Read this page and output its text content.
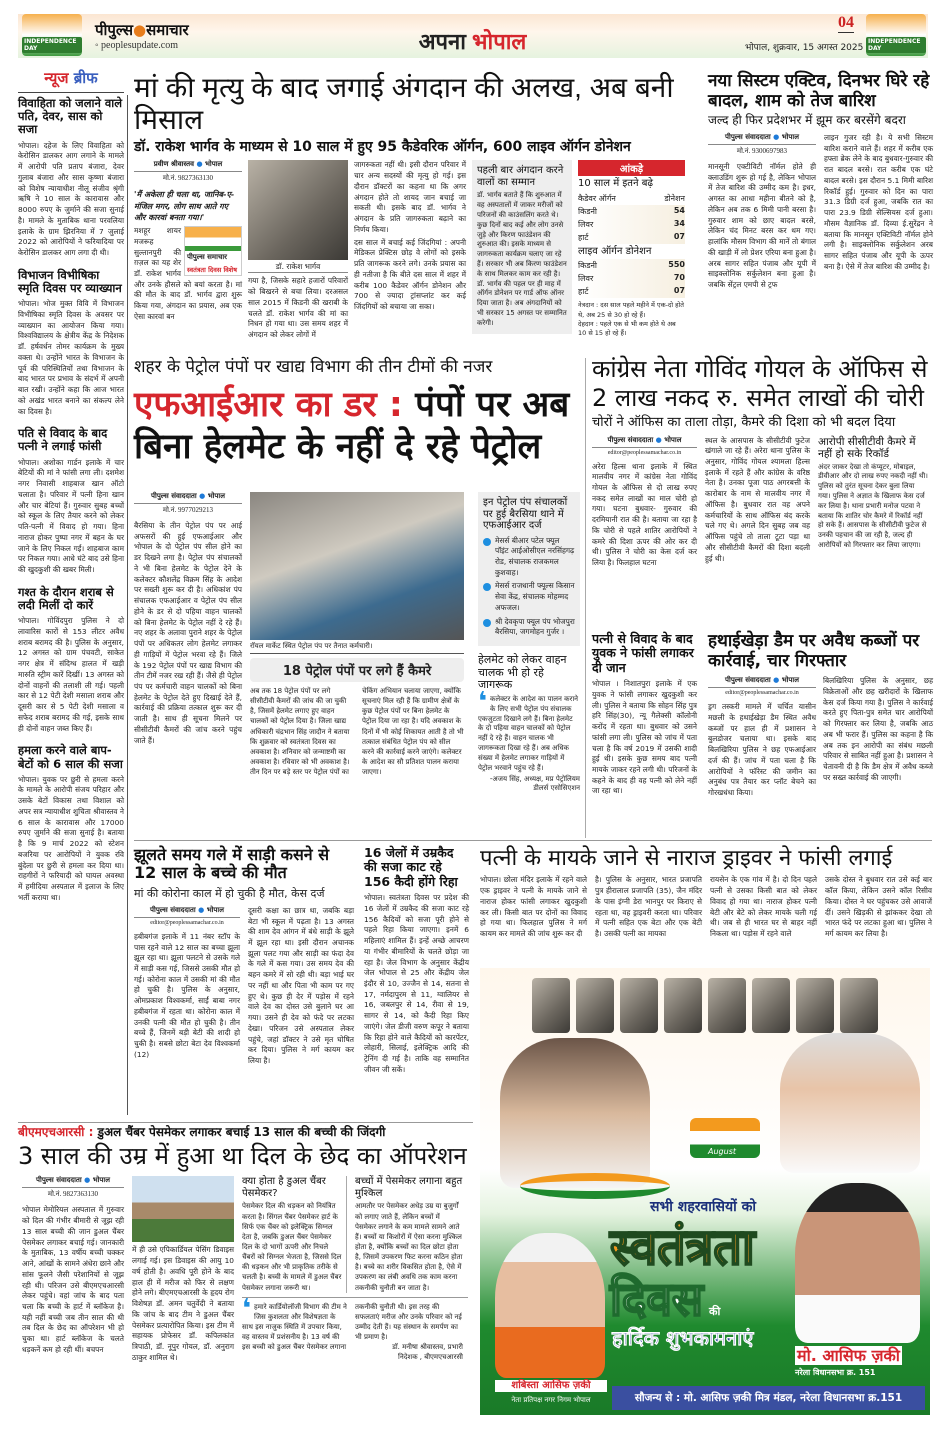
INDEPENDENCE DAY
INDEPENDENCE DAY
पीपुल्स●समाचार
◦ peoplesupdate.com	अपना भोपाल
04
भोपाल, शुक्रवार, 15 अगस्त 2025
न्यूज ब्रीफ
विवाहिता को जलाने वाले पति, देवर, सास को सजा
भोपाल। दहेज के लिए विवाहिता को केरोसिन डालकर आग लगाने के मामले में आरोपी पति प्रताप बंजारा, देवर गुलाब बंजारा और सास कृष्णा बंजारा को विशेष न्यायाधीश नीलू संजीव श्रृंगी ऋषि ने 10 साल के कारावास और 8000 रुपए के जुर्माने की सजा सुनाई है। मामले के मुताबिक थाना परवलिया इलाके के ग्राम झिरनिया में 7 जुलाई 2022 को आरोपियों ने फरियादिया पर केरोसिन डालकर आग लगा दी थी।
विभाजन विभीषिका स्मृति दिवस पर व्याख्यान
भोपाल। भोज मुक्त विवि में विभाजन विभीषिका स्मृति दिवस के अवसर पर व्याख्यान का आयोजन किया गया। विश्वविद्यालय के क्षेत्रीय केंद्र के निदेशक डॉ. हर्षवर्धन तोमर कार्यक्रम के मुख्य वक्ता थे। उन्होंने भारत के विभाजन के पूर्व की परिस्थितियों तथा विभाजन के बाद भारत पर प्रभाव के संदर्भ में अपनी बात रखी। उन्होंने कहा कि आज भारत को अखंड भारत बनाने का संकल्प लेने का दिवस है।
पति से विवाद के बाद पत्नी ने लगाई फांसी
भोपाल। अशोका गार्डन इलाके में चार बेटियों की मां ने फांसी लगा ली। दशमेश नगर निवासी शाहबाज खान ऑटो चलाता है। परिवार में पत्नी हिना खान और चार बेटियां हैं। गुरुवार सुबह बच्चों को स्कूल के लिए तैयार करने को लेकर पति-पत्नी में विवाद हो गया। हिना नाराज होकर पुष्पा नगर में बहन के घर जाने के लिए निकल गईं। शाहबाज काम पर निकल गया। आधे घंटे बाद उसे हिना की खुदकुशी की खबर मिली।
गश्त के दौरान शराब से लदी मिलीं दो कारें
भोपाल। गोविंदपुरा पुलिस ने दो लावारिस कारों से 153 लीटर अवैध शराब बरामद की है। पुलिस के अनुसार, 12 अगस्त को ग्राम पंचवटी, साकेत नगर क्षेत्र में संदिग्ध हालत में खड़ी मारुति स्ट्रीम कारें दिखीं। 13 अगस्त को दोनों वाहनों की तलाशी ली गई। पहली कार से 12 पेटी देशी मसाला शराब और दूसरी कार से 5 पेटी देशी मसाला व सफेद शराब बरामद की गई, इसके साथ ही दोनों वाहन जब्त किए हैं।
हमला करने वाले बाप-बेटों को 6 साल की सजा
भोपाल। युवक पर छुरी से हमला करने के मामले के आरोपी संजय परिहार और उसके बेटों विकास तथा विशाल को अपर सत्र न्यायाधीश शुचिता श्रीवास्तव ने 6 साल के कारावास और 17000 रुपए जुर्माने की सजा सुनाई है। बताया है कि 9 मार्च 2022 को स्टेशन बजरिया पर आरोपियों ने युवक रवि बुंदेला पर छुरी से हमला कर दिया था। राहगीरों ने फरियादी को घायल अवस्था में हमीदिया अस्पताल में इलाज के लिए भर्ती कराया था।
मां की मृत्यु के बाद जगाई अंगदान की अलख, अब बनी मिसाल
डॉ. राकेश भार्गव के माध्यम से 10 साल में हुए 95 कैडेवरिक ऑर्गन, 600 लाइव ऑर्गन डोनेशन
प्रवीण श्रीवास्तव ● भोपाल
मो.नं. 9827363130
'मैं अकेला ही चला था, जानिब-ए-मंजिल मगर, लोग साथ आते गए और कारवां बनता गया।'
पीपुल्स समाचार
स्वतंत्रता दिवस विशेष
मशहूर शायर मजरूह सुल्तानपुरी की ग़ज़ल का यह शेर डॉ. राकेश भार्गव और उनके हौसले को बयां करता है। मां की मौत के बाद डॉ. भार्गव द्वारा शुरू किया गया, अंगदान का प्रयास, अब एक ऐसा कारवां बन
डॉ. राकेश भार्गव
गया है, जिसके सहारे हजारों परिवारों को बिखरने से बचा लिया। दरअसल साल 2015 में किडनी की खराबी के चलते डॉ. राकेश भार्गव की मां का निधन हो गया था। उस समय शहर में अंगदान को लेकर लोगों में

जागरुकता नहीं थी। इसी दौरान परिवार में चार अन्य सदस्यों की मृत्यु हो गई। इस दौरान डॉक्टरों का कहना था कि अगर अंगदान होते तो शायद जान बचाई जा सकती थी। इसके बाद डॉ. भार्गव ने अंगदान के प्रति जागरुकता बढ़ाने का निर्णय किया।

दस साल में बचाई कई जिंदगियां : अपनी मेडिकल प्रेक्टिस छोड़ वे लोगों को इसके प्रति जागरूक करने लगे। उनके प्रयास का ही नतीजा है कि बीते दस साल में शहर में करीब 100 कैडेवर ऑर्गन डोनेशन और 700 से ज्यादा ट्रांसप्लांट कर कई जिंदगियों को बचाया जा सका।

पहली बार अंगदान करने वालों का सम्मान
डॉ. भार्गव बताते हैं कि शुरुआत में वह अस्पतालों में जाकर मरीजों को परिजनों की काउंसलिंग करते थे। कुछ दिनों बाद कई और लोग उनसे जुड़े और किरण फाउंडेशन की शुरुआत की। इसके माध्यम से जागरुकता कार्यक्रम चलाए जा रहे हैं। सरकार भी अब किरण फाउंडेशन के साथ मिलकर काम कर रही है। डॉ. भार्गव की पहल पर ही माह में ऑर्गन डोनेशन पर गार्ड ऑफ ऑनर दिया जाता है। अब अंगदानियों को भी सरकार 15 अगस्त पर सम्मानित करेगी।
आंकड़े
10 साल में इतने बढ़े
कैडेवर ऑर्गन	डोनेशन
किडनी	54
लिवर	34
हार्ट	07
लाइव ऑर्गन डोनेशन
किडनी	550
लिवर	70
हार्ट	07
नेत्रदान : दस साल पहले महीने में एक-दो होते थे, अब 25 से 30 हो रहे हैं।
देहदान : पहले एक से भी कम होते थे अब 10 से 15 हो रहे हैं।
नया सिस्टम एक्टिव, दिनभर घिरे रहे बादल, शाम को तेज बारिश
जल्द ही फिर प्रदेशभर में झूम कर बरसेंगे बदरा
पीपुल्स संवाददाता ● भोपाल
मो.नं. 9300697983
मानसूनी एक्टीविटी नॉर्मल होते ही क्लाउडिंग शुरू हो गई है, लेकिन भोपाल में तेज बारिश की उम्मीद कम है। इधर, अगस्त का आधा महीना बीतने को है, लेकिन अब तक 6 मिमी पानी बरसा है। गुरुवार शाम को छाए बादल बरसे, लेकिन चंद मिनट बरस कर थम गए। हालांकि मौसम विभाग की मानें तो बंगाल की खाड़ी में लो प्रेशर एरिया बना हुआ है। अरब सागर सहित पंजाब और यूपी में साइक्लोनिक सर्कुलेशन बना हुआ है। जबकि सेंट्रल एमपी से ट्रफ
लाइन गुजर रही है। ये सभी सिस्टम बारिश कराने वाले हैं। शहर में करीब एक हफ्ता ब्रेक लेने के बाद बुधवार-गुरुवार की रात बादल बरसे। रात करीब एक घंटे बादल बरसे। इस दौरान 5.1 मिमी बारिश रिकॉर्ड हुई। गुरुवार को दिन का पारा 31.3 डिग्री दर्ज हुआ, जबकि रात का पारा 23.9 डिग्री सेल्सियस दर्ज हुआ। मौसम वैज्ञानिक डॉ. दिव्या ई.सुरेंद्रन ने बताया कि मानसून एक्टिविटी नॉर्मल होने लगी है। साइक्लोनिक सर्कुलेशन अरब सागर सहित पंजाब और यूपी के ऊपर बना है। ऐसे में तेज बारिश की उम्मीद है।
शहर के पेट्रोल पंपों पर खाद्य विभाग की तीन टीमों की नजर
एफआईआर का डर : पंपों पर अब बिना हेलमेट के नहीं दे रहे पेट्रोल
पीपुल्स संवाददाता ● भोपाल
मो.नं. 9977029213
बैरसिया के तीन पेट्रोल पंप पर आई अफसरों की हुई एफआईआर और भोपाल के दो पेट्रोल पंप सील होने का डर दिखने लगा है। पेट्रोल पंप संचालकों ने भी बिना हेलमेट के पेट्रोल देने के कलेक्टर कौशलेंद्र विक्रम सिंह के आदेश पर सख्ती शुरू कर दी है। अधिकांश पंप संचालक एफआईआर व पेट्रोल पंप सील होने के डर से दो पहिया वाहन चालकों को बिना हेलमेट के पेट्रोल नहीं दे रहे हैं। नए शहर के अलावा पुराने शहर के पेट्रोल पंपों पर अधिकतर लोग हेलमेट लगाकर ही गाड़ियों में पेट्रोल भरवा रहे हैं। जिले के 192 पेट्रोल पंपों पर खाद्य विभाग की तीन टीमें नजर रख रही हैं। जैसे ही पेट्रोल पंप पर कर्मचारी वाहन चालकों को बिना हेलमेट के पेट्रोल देते हुए दिखाई देते हैं, कार्रवाई की प्रक्रिया तत्काल शुरू कर दी जाती है। साथ ही सूचना मिलने पर सीसीटीवी कैमरों की जांच करने पहुंच जाते हैं।
रॉयल मार्केट स्थित पेट्रोल पंप पर तैनात कर्मचारी।
18 पेट्रोल पंपों पर लगे हैं कैमरे
अब तक 18 पेट्रोल पंपों पर लगे सीसीटीवी कैमरों की जांच की जा चुकी है, जिसमें हेलमेट लगाए हुए वाहन चालकों को पेट्रोल दिया है। जिला खाद्य अधिकारी चंद्रभान सिंह जादौन ने बताया कि शुक्रवार को स्वतंत्रता दिवस का अवकाश है। शनिवार को जन्माष्टमी का अवकाश है। रविवार को भी अवकाश है। तीन दिन पर बड़े स्तर पर पेट्रोल पंपों का
चेकिंग अभियान चलाया जाएगा, क्योंकि सूचनाएं मिल रही हैं कि ग्रामीण क्षेत्रों के कुछ पेट्रोल पंपों पर बिना हेलमेट के पेट्रोल दिया जा रहा है। यदि अवकाश के दिनों में भी कोई शिकायत आती है तो भी तत्काल संबंधित पेट्रोल पंप को सील करने की कार्रवाई करने जाएंगे। कलेक्टर के आदेश का सौ प्रतिशत पालन कराया जाएगा।
इन पेट्रोल पंप संचालकों पर हुई बैरसिया थाने में एफआईआर दर्ज
मेसर्स बीआर पटेल फ्यूल पॉइंट आईओसीएल नरसिंहगढ़ रोड, संचालक राजकमल कुशवाह।
मेसर्स राजधानी फ्यूल्स किसान सेवा केंद्र, संचालक मोहम्मद अफजल।
श्री देवकृपा फ्यूल पंप भोजपुरा बैरसिया, जगमोहन गुर्जर ।
हेलमेट को लेकर वाहन चालक भी हो रहे जागरूक
❛ कलेक्टर के आदेश का पालन कराने के लिए सभी पेट्रोल पंप संचालक एकजुटता दिखाने लगे हैं। बिना हेलमेट के दो पहिया वाहन चालकों को पेट्रोल नहीं दे रहे हैं। वाहन चालक भी जागरूकता दिखा रहे हैं। अब अधिक संख्या में हेलमेट लगाकर गाड़ियों में पेट्रोल भरवाने पहुंच रहे हैं।
-अजय सिंह, अध्यक्ष, मप्र पेट्रोलियम डीलर्स एसोसिएशन
कांग्रेस नेता गोविंद गोयल के ऑफिस से 2 लाख नकद रु. समेत लाखों की चोरी
चोरों ने ऑफिस का ताला तोड़ा, कैमरे की दिशा को भी बदल दिया
पीपुल्स संवाददाता ● भोपाल
editor@peoplessamachar.co.in
अरेरा हिल्स थाना इलाके में स्थित मालवीय नगर में कांग्रेस नेता गोविंद गोयल के ऑफिस से दो लाख रुपए नकद समेत लाखों का माल चोरी हो गया। घटना बुधवार- गुरुवार की दरमियानी रात की है। बताया जा रहा है कि चोरी से पहले शातिर आरोपियों ने कमरे की दिशा ऊपर की ओर कर दी थी। पुलिस ने चोरी का केस दर्ज कर लिया है। फिलहाल घटना
स्थल के आसपास के सीसीटीवी फुटेज खंगाले जा रहे हैं। अरेरा थाना पुलिस के अनुसार, गोविंद गोयल श्यामला हिल्स इलाके में रहते हैं और कांग्रेस के वरिष्ठ नेता है। उनका पूजा पाठ अगरबत्ती के कारोबार के नाम से मालवीय नगर में ऑफिस है। बुधवार रात वह अपने कर्मचारियों के साथ ऑफिस बंद करके चले गए थे। अगले दिन सुबह जब वह ऑफिस पहुंचे तो ताला टूटा पड़ा था और सीसीटीवी कैमरों की दिशा बदली हुई थी।
आरोपी सीसीटीवी कैमरे में नहीं हो सके रिकॉर्ड
अंदर जाकर देखा तो कंप्यूटर, मोबाइल, डीवीआर और दो लाख रुपए नकदी नहीं थी। पुलिस को तुरंत सूचना देकर बुला लिया गया। पुलिस ने अज्ञात के खिलाफ केस दर्ज कर लिया है। थाना प्रभारी मनोज पटवा ने बताया कि शातिर चोर कैमरे में रिकॉर्ड नहीं हो सके हैं। आसपास के सीसीटीवी फुटेज से उनकी पहचान की जा रही है, जल्द ही आरोपियों को गिरफ्तार कर लिया जाएगा।
पत्नी से विवाद के बाद युवक ने फांसी लगाकर दी जान
भोपाल । निशातपुरा इलाके में एक युवक ने फांसी लगाकर खुदकुशी कर ली। पुलिस ने बताया कि सोहन सिंह पुत्र हरि सिंह(30), न्यू गैलेक्सी कॉलोनी करोंद में रहता था। बुधवार को उसने फांसी लगा ली। पुलिस को जांच में पता चला है कि वर्ष 2019 में उसकी शादी हुई थी। इसके कुछ समय बाद पत्नी मायके जाकर रहने लगी थी। परिजनों के कहने के बाद ही वह पत्नी को लेने नहीं जा रहा था।
हथाईखेड़ा डैम पर अवैध कब्जों पर कार्रवाई, चार गिरफ्तार
पीपुल्स संवाददाता ● भोपाल
editor@peoplessamachar.co.in
ड्रग तस्करी मामले में चर्चित यासीन मछली के हथाईखेड़ा डैम स्थित अवैध कब्जों पर हाल ही में प्रशासन ने बुलडोजर चलाया था। इसके बाद बिलखिरिया पुलिस ने छह एफआईआर दर्ज की हैं। जांच में पता चला है कि आरोपियों ने फॉरेस्ट की जमीन का अनुबंध पत्र तैयार कर प्लॉट बेचने का गोरखधंधा किया।
बिलखिरिया पुलिस के अनुसार, छह विक्रेताओं और छह खरीदारों के खिलाफ केस दर्ज किया गया है। पुलिस ने कार्रवाई करते हुए पिता-पुत्र समेत चार आरोपियों को गिरफ्तार कर लिया है, जबकि आठ अब भी फरार हैं। पुलिस का कहना है कि अब तक इन आरोपी का संबंध मछली परिवार से साबित नहीं हुआ है। प्रशासन ने चेतावनी दी है कि डैम क्षेत्र में अवैध कब्जे पर सख्त कार्रवाई की जाएगी।
झूलते समय गले में साड़ी कसने से 12 साल के बच्चे की मौत
मां की कोरोना काल में हो चुकी है मौत, केस दर्ज
पीपुल्स संवाददाता ● भोपाल
editor@peoplessamachar.co.in
हबीबगंज इलाके में 11 नंबर स्टॉप के पास रहने वाले 12 साल का बच्चा झूला झूल रहा था। झूला पलटने से उसके गले में साड़ी कस गई, जिससे उसकी मौत हो गई। कोरोना काल में उसकी मां की मौत हो चुकी है। पुलिस के अनुसार, ओमप्रकाश विश्वकर्मा, साईं बाबा नगर हबीबगंज में रहता था। कोरोना काल में उनकी पत्नी की मौत हो चुकी है। तीन बच्चे हैं, जिनमें बड़ी बेटी की शादी हो चुकी है। सबसे छोटा बेटा देव विश्वकर्मा (12)
दूसरी कक्षा का छात्र था, जबकि बड़ा बेटा भी स्कूल में पढ़ता है। 13 अगस्त की शाम देव आंगन में बंधे साड़ी के झूले में झूल रहा था। इसी दौरान अचानक झूला पलट गया और साड़ी का फंदा देव के गले में कस गया। उस समय देव की बहन कमरे में सो रही थी। बड़ा भाई घर पर नहीं था और पिता भी काम पर गए हुए थे। कुछ ही देर में पड़ोस में रहने वाले देव का दोस्त उसे बुलाने घर आ गया। उसने ही देव को फंदे पर लटका देखा। परिजन उसे अस्पताल लेकर पहुंचे, जहां डॉक्टर ने उसे मृत घोषित कर दिया। पुलिस ने मर्ग कायम कर लिया है।
16 जेलों में उम्रकैद की सजा काट रहे 156 कैदी होंगे रिहा
भोपाल। स्वतंत्रता दिवस पर प्रदेश की 16 जेलों में उम्रकैद की सजा काट रहे 156 कैदियों को सजा पूरी होने से पहले रिहा किया जाएगा। इनमें 6 महिलाएं शामिल हैं। इन्हें अच्छे आचरण या गंभीर बीमारियों के चलते छोड़ा जा रहा है। जेल विभाग के अनुसार केंद्रीय जेल भोपाल से 25 और केंद्रीय जेल इंदौर से 10, उज्जैन से 14, सतना से 17, नर्मदापुरम से 11, ग्वालियर से 16, जबलपुर से 14, रीवा से 19, सागर से 14, को कैदी रिहा किए जाएंगे। जेल डीजी वरुण कपूर ने बताया कि रिहा होने वाले कैदियों को कारपेंटर, लोहारी, सिलाई, इलेक्ट्रिक आदि की ट्रेनिंग दी गई है। ताकि वह सम्मानित जीवन जी सकें।
पत्नी के मायके जाने से नाराज ड्राइवर ने फांसी लगाई
भोपाल। छोला मंदिर इलाके में रहने वाले एक ड्राइवर ने पत्नी के मायके जाने से नाराज होकर फांसी लगाकर खुदकुशी कर ली। किसी बात पर दोनों का विवाद हो गया था। फिलहाल पुलिस ने मर्ग कायम कर मामले की जांच शुरू कर दी
है। पुलिस के अनुसार, भारत प्रजापति पुत्र हीरालाल प्रजापति (35), जैन मंदिर के पास इंग्नी डेरा भानपुर पर किराए से रहता था, वह ड्राइवरी करता था। परिवार में पत्नी सहित एक बेटा और एक बेटी है। उसकी पत्नी का मायका
रायसेन के एक गांव में है। दो दिन पहले पत्नी से उसका किसी बात को लेकर विवाद हो गया था। नाराज होकर पत्नी बेटी और बेटे को लेकर मायके चली गई थी। जब से ही भारत घर से बाहर नहीं निकला था। पड़ोस में रहने वाले
उसके दोस्त ने बुधवार रात उसे कई बार कॉल किया, लेकिन उसने कॉल रिसीव किया। दोस्त ने घर पहुंचकर उसे आवाजें दीं। उसने खिड़की से झांककर देखा तो भारत फंदे पर लटका हुआ था। पुलिस ने मर्ग कायम कर लिया है।
August
सभी शहरवासियों को
स्वतंत्रता
दिवस की
हार्दिक शुभकामनाएं
मो. आसिफ ज़की
नरेला विधानसभा क्र. 151
शबिस्ता आसिफ ज़की
नेता प्रतिपक्ष नगर निगम भोपाल	सौजन्य से : मो. आसिफ ज़की मित्र मंडल, नरेला विधानसभा क्र.151
बीएमएचआरसी : डुअल चैंबर पेसमेकर लगाकर बचाई 13 साल की बच्ची की जिंदगी
3 साल की उम्र में हुआ था दिल के छेद का ऑपरेशन
पीपुल्स संवाददाता ● भोपाल
मो.नं. 9827363130
भोपाल मेमोरियल अस्पताल में गुरुवार को दिल की गंभीर बीमारी से जूझ रही 13 साल बच्ची की जान डुअल चैंबर पेसमेकर लगाकर बचाई गई। जानकारी के मुताबिक, 13 वर्षीय बच्ची चक्कर आने, आंखों के सामने अंधेरा छाने और सांस फूलने जैसी परेशानियों से जूझ रही थी। परिजन उसे बीएमएचआरसी लेकर पहुंचे। वहां जांच के बाद पता चला कि बच्ची के हार्ट में ब्लॉकेज है। यही नहीं बच्ची जब तीन साल की थी तब दिल के छेद का ऑपरेशन भी हो चुका था। हार्ट ब्लॉकेज के चलते धड़कनें कम हो रही थीं। बचपन
में ही उसे एपिकार्डियल पेसिंग डिवाइस लगाई गई। इस डिवाइस की आयु 10 वर्ष होती है। अवधि पूरी होने के बाद हाल ही में मरीज को फिर से लक्षण होने लगे। बीएमएचआरसी के हृदय रोग विशेषज्ञ डॉ. अमन चतुर्वेदी ने बताया कि जांच के बाद टीम ने डुअल चैंबर पेसमेकर प्रत्यारोपित किया। इस टीम में सहायक प्रोफेसर डॉ. कपिलकांत त्रिपाठी, डॉ. नूपुर गोयल, डॉ. अनुराग ठाकुर शामिल थे।
क्या होता है डुअल चैंबर पेसमेकर?
पेसमेकर दिल की धड़कन को नियंत्रित करता है। सिंगल चैंबर पेसमेकर हार्ट के सिर्फ एक चैंबर को इलेक्ट्रिक सिग्नल देता है, जबकि डुअल चैंबर पेसमेकर दिल के दो भागों ऊपरी और निचले चैंबरों को सिग्नल भेजता है, जिससे दिल की धड़कन और भी प्राकृतिक तरीके से चलती है। बच्ची के मामले में डुअल चैंबर पेसमेकर लगाना जरूरी था।
बच्चों में पेसमेकर लगाना बहुत मुश्किल
आमतौर पर पेसमेकर अधेड़ उम्र या बुजुर्गों को लगाए जाते हैं, लेकिन बच्चों में पेसमेकर लगाने के कम मामले सामने आते हैं। बच्चों या किशोरों में ऐसा करना मुश्किल होता है, क्योंकि बच्चों का दिल छोटा होता है, जिसमें उपकरण फिट करना कठिन होता है। बच्चे का शरीर विकसित होता है, ऐसे में उपकरण का लंबी अवधि तक काम करना तकनीकी चुनौती बन जाता है।
❛ हमारे कार्डियोलॉजी विभाग की टीम ने जिस कुशलता और विशेषज्ञता के साथ इस नाजुक स्थिति में उपचार किया, वह वास्तव में प्रशंसनीय है। 13 वर्ष की इस बच्ची को डुअल चैंबर पेसमेकर लगाना
तकनीकी चुनौती थी। इस तरह की सफलताएं मरीज और उनके परिवार को नई उम्मीद देती हैं। यह संस्थान के समर्पण का भी प्रमाण है।
डॉ. मनीषा श्रीवास्तव, प्रभारी
निदेशक , बीएमएचआरसी
